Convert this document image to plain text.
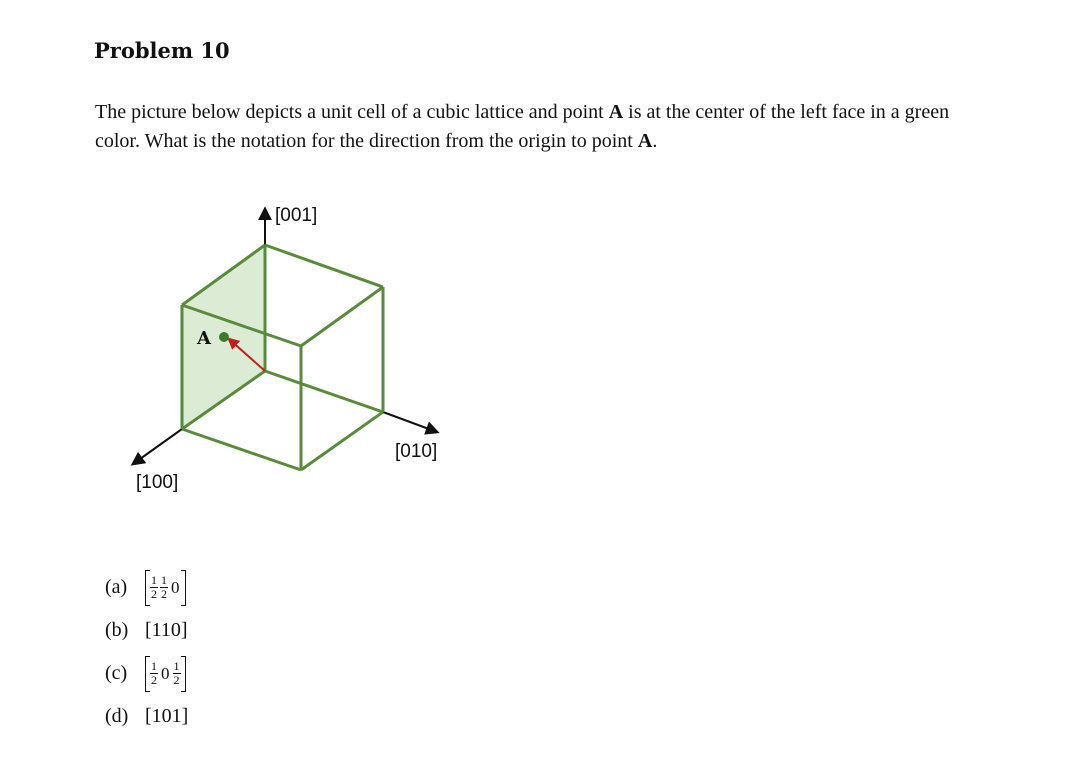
Problem 10

The picture below depicts a unit cell of a cubic lattice and point A is at the center of the left face in a green color. What is the notation for the direction from the origin to point A.

A
[001]
[010]
[100]
(a)	$\frac{1}{2} \frac{1}{2} 0$
(b) [110]
(c)	$\frac{1}{2} 0 \frac{1}{2}$
(d) [101]
